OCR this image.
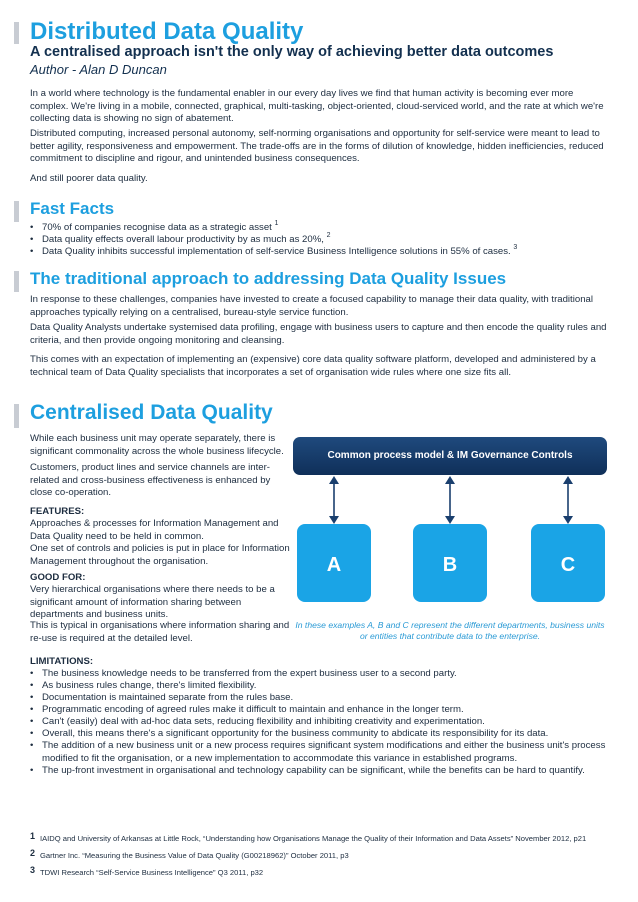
Distributed Data Quality
A centralised approach isn't the only way of achieving better data outcomes
Author - Alan D Duncan
In a world where technology is the fundamental enabler in our every day lives we find that human activity is becoming ever more complex. We're living in a mobile, connected, graphical, multi-tasking, object-oriented, cloud-serviced world, and the rate at which we're collecting data is showing no sign of abatement.
Distributed computing, increased personal autonomy, self-norming organisations and opportunity for self-service were meant to lead to better agility, responsiveness and empowerment. The trade-offs are in the forms of dilution of knowledge, hidden inefficiencies, reduced commitment to discipline and rigour, and unintended business consequences.
And still poorer data quality.
Fast Facts
• 70% of companies recognise data as a strategic asset $^1$
• Data quality effects overall labour productivity by as much as 20%, $^2$
• Data Quality inhibits successful implementation of self-service Business Intelligence solutions in 55% of cases. $^3$
The traditional approach to addressing Data Quality Issues
In response to these challenges, companies have invested to create a focused capability to manage their data quality, with traditional approaches typically relying on a centralised, bureau-style service function.
Data Quality Analysts undertake systemised data profiling, engage with business users to capture and then encode the quality rules and criteria, and then provide ongoing monitoring and cleansing.
This comes with an expectation of implementing an (expensive) core data quality software platform, developed and administered by a technical team of Data Quality specialists that incorporates a set of organisation wide rules where one size fits all.
Centralised Data Quality
While each business unit may operate separately, there is significant commonality across the whole business lifecycle.
Customers, product lines and service channels are inter-related and cross-business effectiveness is enhanced by close co-operation.
FEATURES:
Approaches & processes for Information Management and Data Quality need to be held in common.
One set of controls and policies is put in place for Information Management throughout the organisation.
GOOD FOR:
Very hierarchical organisations where there needs to be a significant amount of information sharing between departments and business units.
This is typical in organisations where information sharing and re-use is required at the detailed level.
Common process model & IM Governance Controls
A	B	C
In these examples A, B and C represent the different departments, business units or entities that contribute data to the enterprise.
LIMITATIONS:
• The business knowledge needs to be transferred from the expert business user to a second party.
• As business rules change, there's limited flexibility.
• Documentation is maintained separate from the rules base.
• Programmatic encoding of agreed rules make it difficult to maintain and enhance in the longer term.
• Can't (easily) deal with ad-hoc data sets, reducing flexibility and inhibiting creativity and experimentation.
• Overall, this means there's a significant opportunity for the business community to abdicate its responsibility for its data.
• The addition of a new business unit or a new process requires significant system modifications and either the business unit's process modified to fit the organisation, or a new implementation to accommodate this variance in established programs.
• The up-front investment in organisational and technology capability can be significant, while the benefits can be hard to quantify.
1 IAIDQ and University of Arkansas at Little Rock, “Understanding how Organisations Manage the Quality of their Information and Data Assets” November 2012, p21
2 Gartner Inc. “Measuring the Business Value of Data Quality (G00218962)” October 2011, p3
3 TDWI Research “Self-Service Business Intelligence” Q3 2011, p32
